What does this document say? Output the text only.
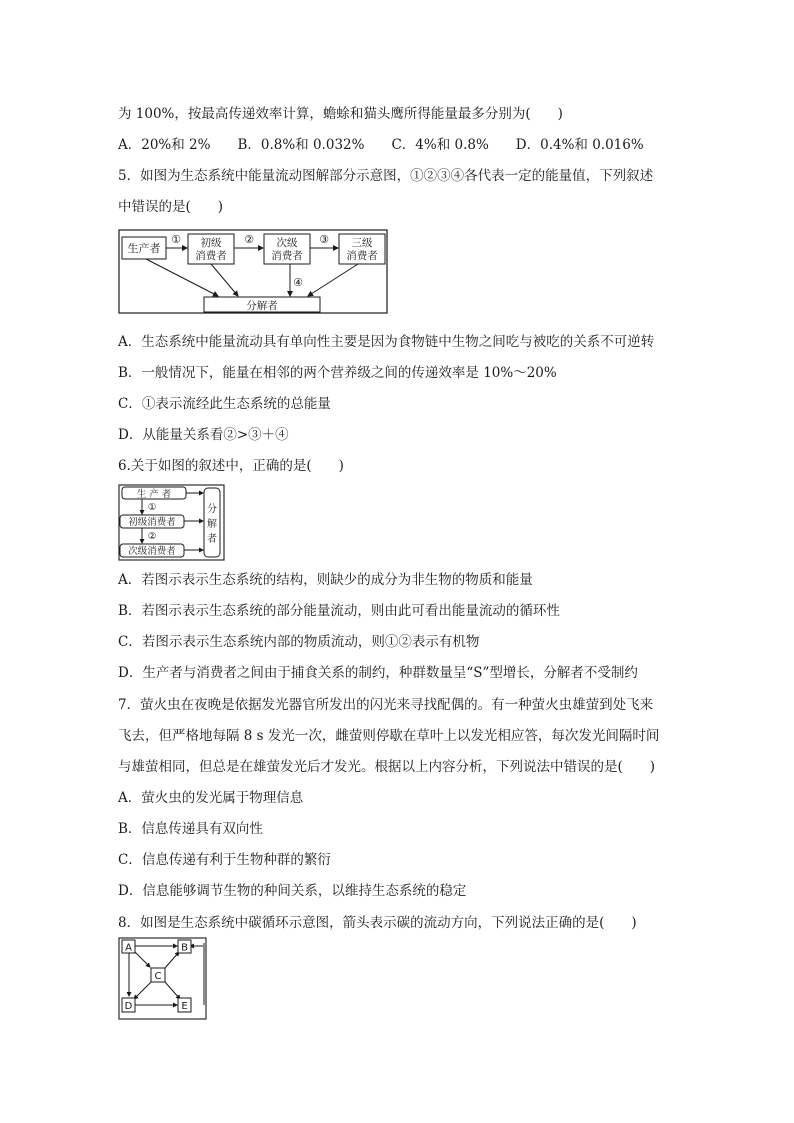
为 100%，按最高传递效率计算，蟾蜍和猫头鹰所得能量最多分别为(　　)
A．20%和 2%　　B．0.8%和 0.032%　　C．4%和 0.8%　　D．0.4%和 0.016%
5．如图为生态系统中能量流动图解部分示意图，①②③④各代表一定的能量值，下列叙述
中错误的是(　　)
生产者	初级
消费者
次级
消费者
三级
消费者
分解者
①	②	③
④
A．生态系统中能量流动具有单向性主要是因为食物链中生物之间吃与被吃的关系不可逆转
B．一般情况下，能量在相邻的两个营养级之间的传递效率是 10%～20%
C．①表示流经此生态系统的总能量
D．从能量关系看②>③＋④
6.关于如图的叙述中，正确的是(　　)
生 产 者
①
初级消费者
②
次级消费者
分
解
者
A．若图示表示生态系统的结构，则缺少的成分为非生物的物质和能量
B．若图示表示生态系统的部分能量流动，则由此可看出能量流动的循环性
C．若图示表示生态系统内部的物质流动，则①②表示有机物
D．生产者与消费者之间由于捕食关系的制约，种群数量呈“S”型增长，分解者不受制约
7．萤火虫在夜晚是依据发光器官所发出的闪光来寻找配偶的。有一种萤火虫雄萤到处飞来
飞去，但严格地每隔 8 s 发光一次，雌萤则停歇在草叶上以发光相应答，每次发光间隔时间
与雄萤相同，但总是在雄萤发光后才发光。根据以上内容分析，下列说法中错误的是(　　)
A．萤火虫的发光属于物理信息
B．信息传递具有双向性
C．信息传递有利于生物种群的繁衍
D．信息能够调节生物的种间关系，以维持生态系统的稳定
8．如图是生态系统中碳循环示意图，箭头表示碳的流动方向，下列说法正确的是(　　)
A	B
C
D	E
